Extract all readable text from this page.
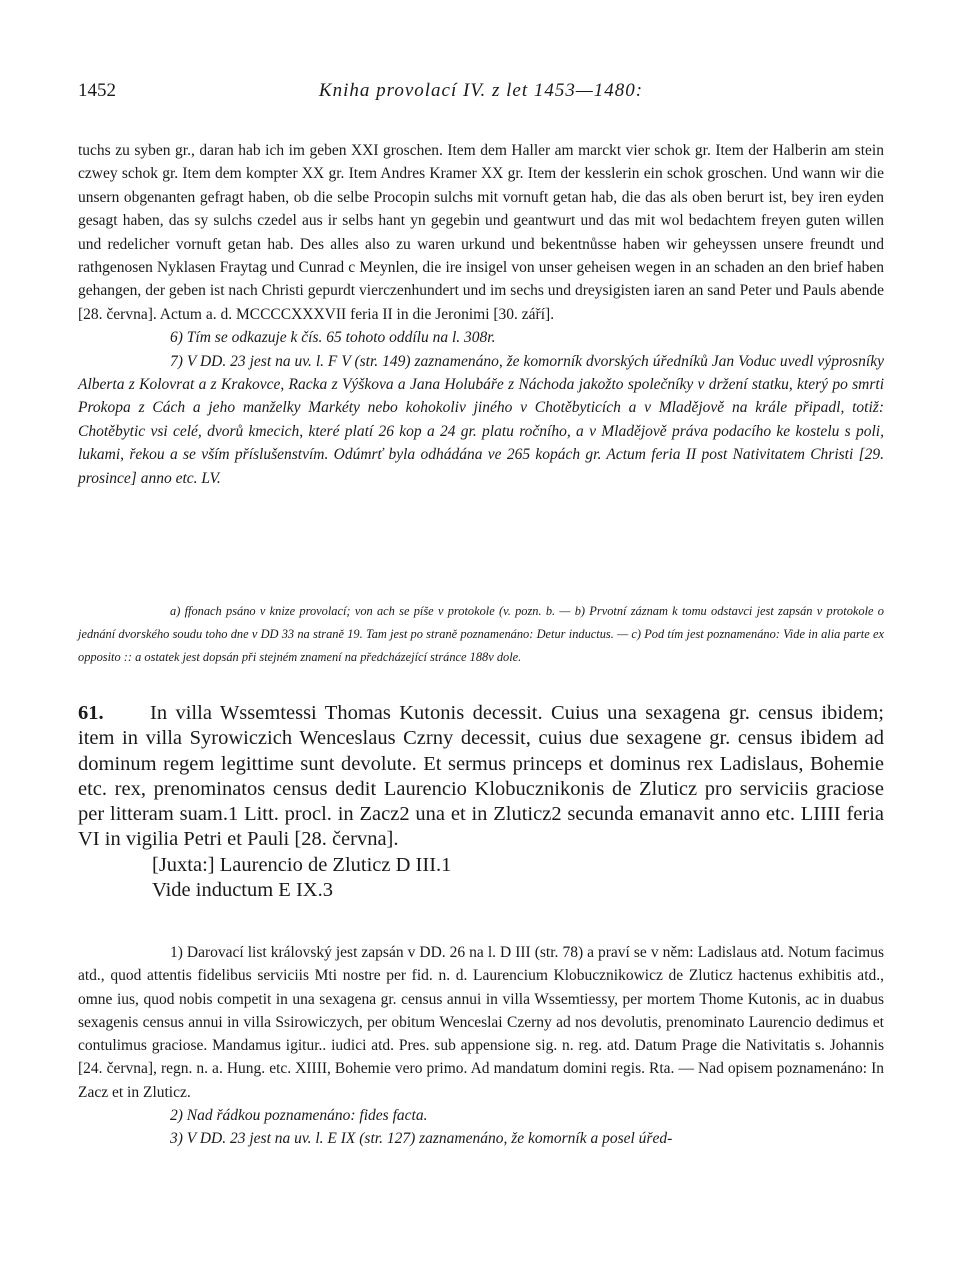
1452	Kniha provolací IV. z let 1453—1480:

tuchs zu syben gr., daran hab ich im geben XXI groschen. Item dem Haller am marckt vier schok gr. Item der Halberin am stein czwey schok gr. Item dem kompter XX gr. Item Andres Kramer XX gr. Item der kesslerin ein schok groschen. Und wann wir die unsern obgenanten gefragt haben, ob die selbe Procopin sulchs mit vornuft getan hab, die das als oben berurt ist, bey iren eyden gesagt haben, das sy sulchs czedel aus ir selbs hant yn gegebin und geantwurt und das mit wol bedachtem freyen guten willen und redelicher vornuft getan hab. Des alles also zu waren urkund und bekentnůsse haben wir geheyssen unsere freundt und rathgenosen Nyklasen Fraytag und Cunrad c Meynlen, die ire insigel von unser geheisen wegen in an schaden an den brief haben gehangen, der geben ist nach Christi gepurdt vierczenhundert und im sechs und dreysigisten iaren an sand Peter und Pauls abende [28. června]. Actum a. d. MCCCCXXXVII feria II in die Jeronimi [30. září].

6) Tím se odkazuje k čís. 65 tohoto oddílu na l. 308r.

7) V DD. 23 jest na uv. l. F V (str. 149) zaznamenáno, že komorník dvorských úředníků Jan Voduc uvedl výprosníky Alberta z Kolovrat a z Krakovce, Racka z Výškova a Jana Holubáře z Náchoda jakožto společníky v držení statku, který po smrti Prokopa z Cách a jeho manželky Markéty nebo kohokoliv jiného v Chotěbyticích a v Mladějově na krále připadl, totiž: Chotěbytic vsi celé, dvorů kmecich, které platí 26 kop a 24 gr. platu ročního, a v Mladějově práva podacího ke kostelu s poli, lukami, řekou a se vším příslušenstvím. Odúmrť byla odhádána ve 265 kopách gr. Actum feria II post Nativitatem Christi [29. prosince] anno etc. LV.

a) ffonach psáno v knize provolací; von ach se píše v protokole (v. pozn. b. — b) Prvotní záznam k tomu odstavci jest zapsán v protokole o jednání dvorského soudu toho dne v DD 33 na straně 19. Tam jest po straně poznamenáno: Detur inductus. — c) Pod tím jest poznamenáno: Vide in alia parte ex opposito :: a ostatek jest dopsán při stejném znamení na předcházející stránce 188v dole.

61. In villa Wssemtessi Thomas Kutonis decessit. Cuius una sexagena gr. census ibidem; item in villa Syrowiczich Wenceslaus Czrny decessit, cuius due sexagene gr. census ibidem ad dominum regem legittime sunt devolute. Et sermus princeps et dominus rex Ladislaus, Bohemie etc. rex, prenominatos census dedit Laurencio Klobucznikonis de Zluticz pro serviciis graciose per litteram suam.1 Litt. procl. in Zacz2 una et in Zluticz2 secunda emanavit anno etc. LIIII feria VI in vigilia Petri et Pauli [28. června].

[Juxta:] Laurencio de Zluticz D III.1

Vide inductum E IX.3

1) Darovací list královský jest zapsán v DD. 26 na l. D III (str. 78) a praví se v něm: Ladislaus atd. Notum facimus atd., quod attentis fidelibus serviciis Mti nostre per fid. n. d. Laurencium Klobucznikowicz de Zluticz hactenus exhibitis atd., omne ius, quod nobis competit in una sexagena gr. census annui in villa Wssemtiessy, per mortem Thome Kutonis, ac in duabus sexagenis census annui in villa Ssirowiczych, per obitum Wenceslai Czerny ad nos devolutis, prenominato Laurencio dedimus et contulimus graciose. Mandamus igitur.. iudici atd. Pres. sub appensione sig. n. reg. atd. Datum Prage die Nativitatis s. Johannis [24. června], regn. n. a. Hung. etc. XIIII, Bohemie vero primo. Ad mandatum domini regis. Rta. — Nad opisem poznamenáno: In Zacz et in Zluticz.

2) Nad řádkou poznamenáno: fides facta.

3) V DD. 23 jest na uv. l. E IX (str. 127) zaznamenáno, že komorník a posel úřed-
